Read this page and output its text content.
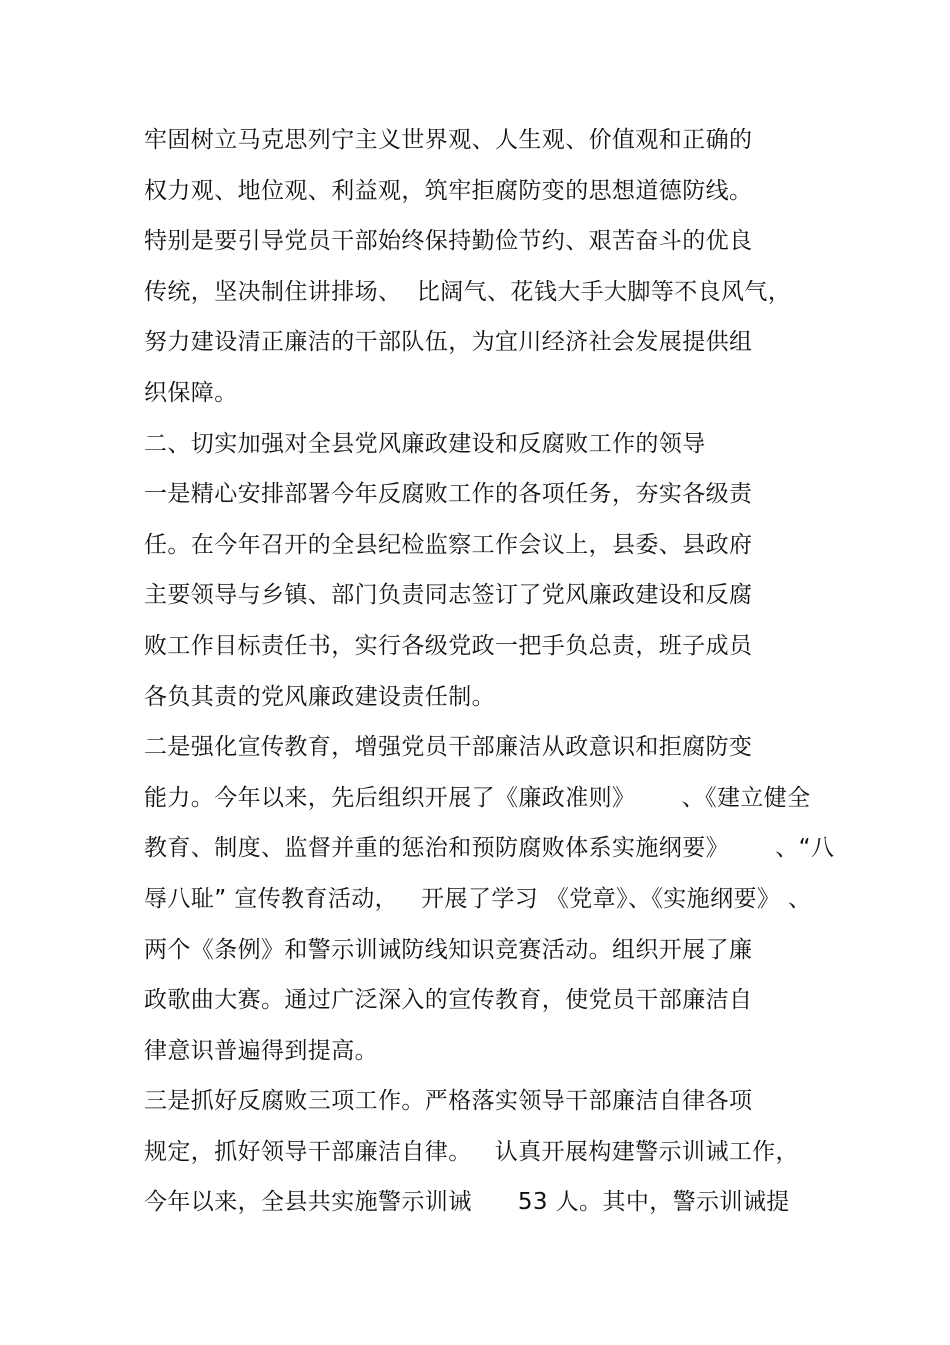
牢固树立马克思列宁主义世界观、人生观、价值观和正确的
权力观、地位观、利益观，筑牢拒腐防变的思想道德防线。
特别是要引导党员干部始终保持勤俭节约、艰苦奋斗的优良
传统，坚决制住讲排场、  比阔气、花钱大手大脚等不良风气，
努力建设清正廉洁的干部队伍，为宜川经济社会发展提供组
织保障。
二、切实加强对全县党风廉政建设和反腐败工作的领导
一是精心安排部署今年反腐败工作的各项任务，夯实各级责
任。在今年召开的全县纪检监察工作会议上，县委、县政府
主要领导与乡镇、部门负责同志签订了党风廉政建设和反腐
败工作目标责任书，实行各级党政一把手负总责，班子成员
各负其责的党风廉政建设责任制。
二是强化宣传教育，增强党员干部廉洁从政意识和拒腐防变
能力。今年以来，先后组织开展了《廉政准则》      、《建立健全
教育、制度、监督并重的惩治和预防腐败体系实施纲要》      、“八
辱八耻” 宣传教育活动，   开展了学习 《党章》、《实施纲要》 、
两个《条例》和警示训诫防线知识竞赛活动。组织开展了廉
政歌曲大赛。通过广泛深入的宣传教育，使党员干部廉洁自
律意识普遍得到提高。
三是抓好反腐败三项工作。严格落实领导干部廉洁自律各项
规定，抓好领导干部廉洁自律。   认真开展构建警示训诫工作，
今年以来，全县共实施警示训诫      53 人。其中，警示训诫提
